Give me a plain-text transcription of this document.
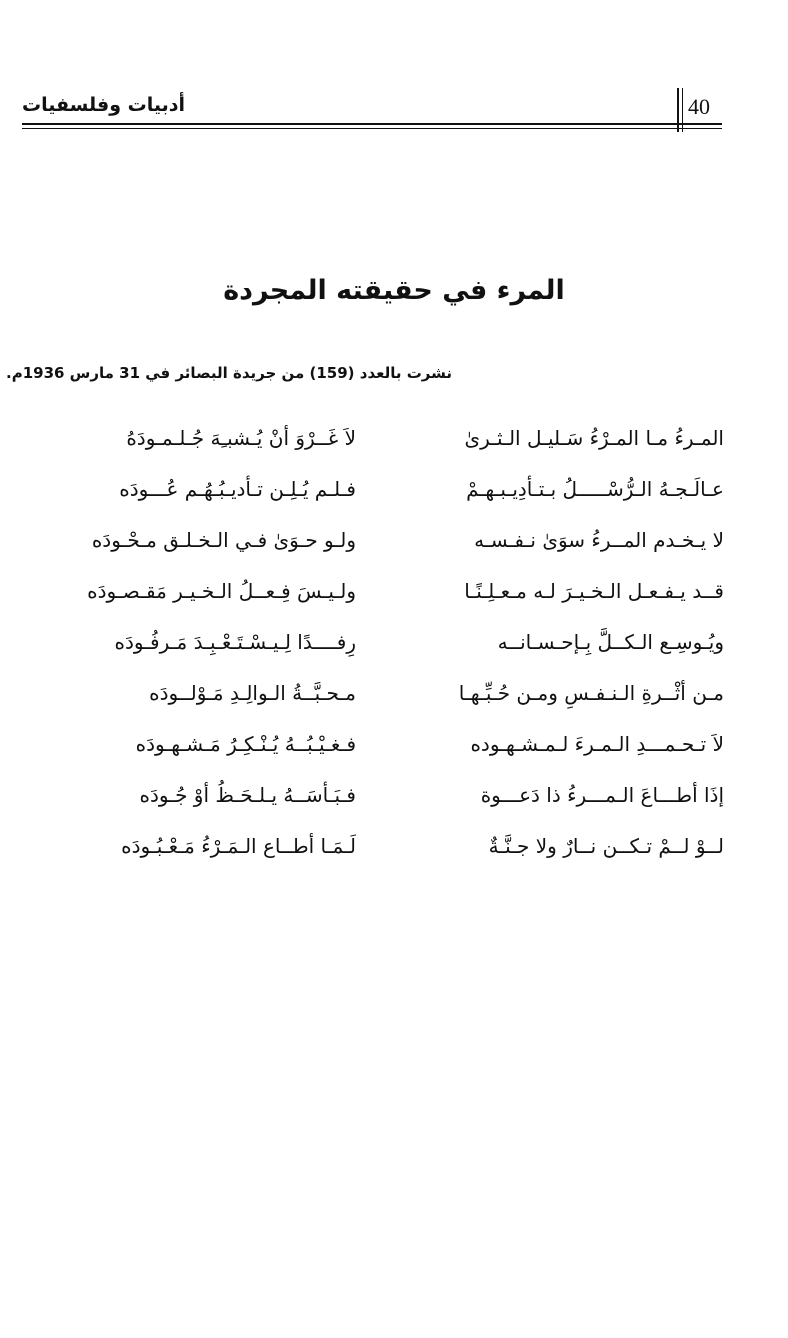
أدبيات وفلسفيات	40
المرء في حقيقته المجردة
نشرت بالعدد (159) من جريدة البصائر في 31 مارس 1936م.
المـرءُ مـا المـرْءُ سَـليـل الـثـرىٰ
لاَ غَــرْوَ أنْ يُـشبـِهَ جُـلـمـودَهُ
عـالَـجـهُ الـرُّسْـــــلُ بـتـأدِيـبـهـمْ
فـلـم يُـلِـن تـأديـبُـهُـم عُـــودَه
لا يـخـدم المــرءُ سوَىٰ نـفـسـه
ولـو حـوَىٰ فـي الـخـلـق مـحْـودَه
قــد يـفـعـل الـخـيـرَ لـه مـعـلِـنًـا
ولـيـسَ فِـعــلُ الـخـيـر مَقـصـودَه
ويُـوسِـع الـكــلَّ بِـإحـسـانــه
رِفــــدًا لِـيـسْـتَـعْـبِـدَ مَـرفُـودَه
مـن أثْــرةِ الـنـفـسِ ومـن حُـبِّـهـا
مـحـبَّــةُ الـوالِـدِ مَـوْلــودَه
لاَ تـحـمـــدِ الـمـرءَ لـمـشـهـوده
فـغـيْـبُــهُ يُـنْـكِـرُ مَـشـهـودَه
إذَا أطـــاعَ الـمـــرءُ ذا دَعـــوة
فـبَـأسَــهُ يـلـحَـظُ أوْ جُـودَه
لــوْ لــمْ تـكــن نــارٌ ولا جـنَّـةٌ
لَـمَـا أطــاع الـمَـرْءُ مَـعْـبُـودَه
